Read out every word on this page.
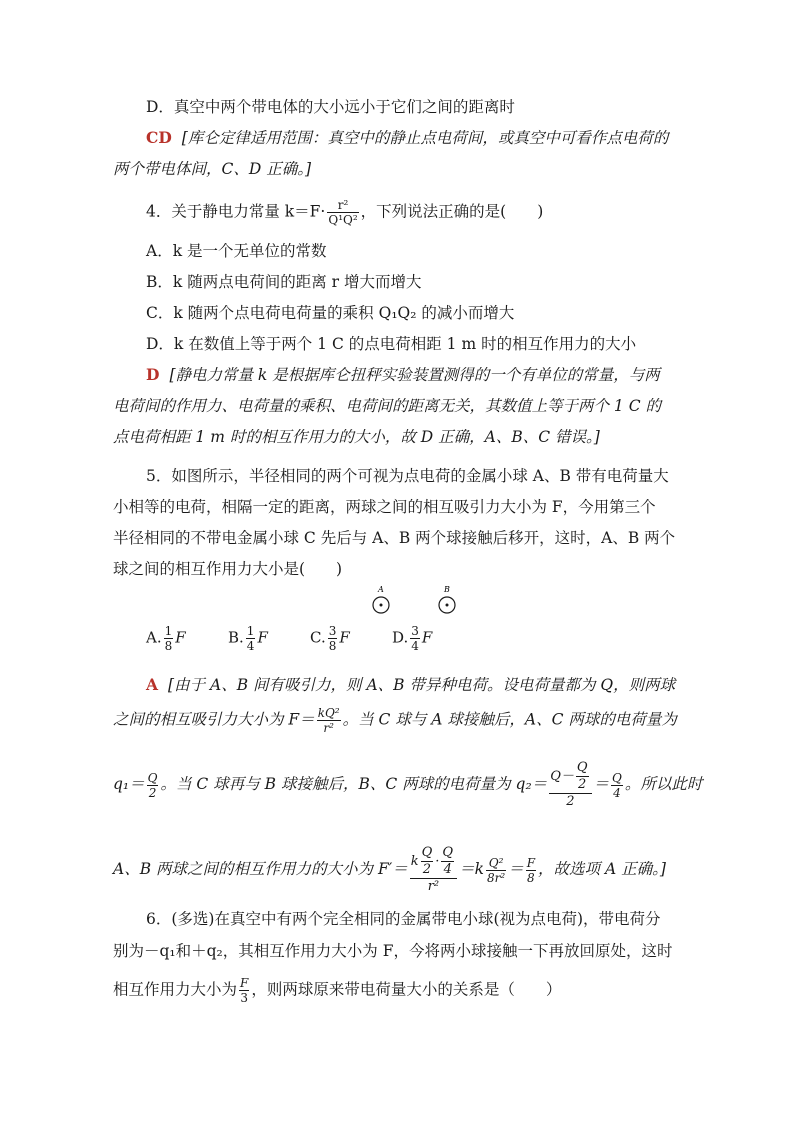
D．真空中两个带电体的大小远小于它们之间的距离时
CD [库仑定律适用范围：真空中的静止点电荷间，或真空中可看作点电荷的
两个带电体间，C、D 正确。]
4．关于静电力常量 $k=F\cdot \frac{\text{r²}}{\text{Q¹Q²}}$ ，下列说法正确的是(　　)
A．k 是一个无单位的常数
B．k 随两点电荷间的距离 r 增大而增大
C．k 随两个点电荷电荷量的乘积 Q₁Q₂ 的减小而增大
D．k 在数值上等于两个 1 C 的点电荷相距 1 m 时的相互作用力的大小
D [静电力常量 k 是根据库仑扭秤实验装置测得的一个有单位的常量，与两
电荷间的作用力、电荷量的乘积、电荷间的距离无关，其数值上等于两个 1 C 的
点电荷相距 1 m 时的相互作用力的大小，故 D 正确，A、B、C 错误。]
5．如图所示，半径相同的两个可视为点电荷的金属小球 A、B 带有电荷量大
小相等的电荷，相隔一定的距离，两球之间的相互吸引力大小为 F，今用第三个
半径相同的不带电金属小球 C 先后与 A、B 两个球接触后移开，这时，A、B 两个
球之间的相互作用力大小是(　　)
A	B
A. $\frac{1}{8}$ F	B. $\frac{1}{4}$ F	C. $\frac{3}{8}$ F	D. $\frac{3}{4}$ F
A [由于 A、B 间有吸引力，则 A、B 带异种电荷。设电荷量都为 Q，则两球
之间的相互吸引力大小为 $F= \frac{\text{kQ²}}{\text{r²}}$ 。当 C 球与 A 球接触后，A、C 两球的电荷量为
$q_1= \frac{Q}{2}$ 。当 C 球再与 B 球接触后，B、C 两球的电荷量为 $q_2= \frac{Q- \frac{Q}{2}}{2} = \frac{Q}{4}$ 。所以此时
A、B 两球之间的相互作用力的大小为 $F'= \frac{k \frac{Q}{2} \cdot \frac{Q}{4}}{\text{r²}} =k \frac{\text{Q²}}{\text{8r²}} = \frac{F}{8}$ ，故选项 A 正确。]
6．(多选)在真空中有两个完全相同的金属带电小球(视为点电荷)，带电荷分
别为－q₁和＋q₂，其相互作用力大小为 F，今将两小球接触一下再放回原处，这时
相互作用力大小为 $\frac{F}{3}$ ，则两球原来带电荷量大小的关系是（　　）
